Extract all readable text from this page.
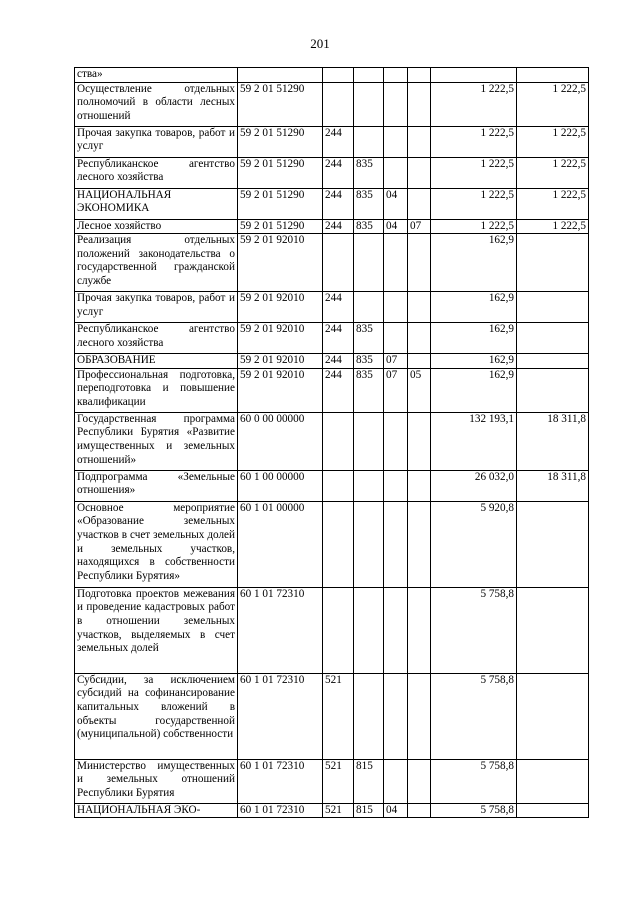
201
ства»							
Осуществление отдельных полномочий в области лесных отношений	59 2 01 51290					1 222,5	1 222,5
Прочая закупка товаров, работ и услуг	59 2 01 51290	244				1 222,5	1 222,5
Республиканское агентство лесного хозяйства	59 2 01 51290	244	835			1 222,5	1 222,5
НАЦИОНАЛЬНАЯ ЭКОНОМИКА	59 2 01 51290	244	835	04		1 222,5	1 222,5
Лесное хозяйство	59 2 01 51290	244	835	04	07	1 222,5	1 222,5
Реализация отдельных положений законодательства о государственной гражданской службе	59 2 01 92010					162,9	
Прочая закупка товаров, работ и услуг	59 2 01 92010	244				162,9	
Республиканское агентство лесного хозяйства	59 2 01 92010	244	835			162,9	
ОБРАЗОВАНИЕ	59 2 01 92010	244	835	07		162,9	
Профессиональная подготовка, переподготовка и повышение квалификации	59 2 01 92010	244	835	07	05	162,9	
Государственная программа Республики Бурятия «Развитие имущественных и земельных отношений»	60 0 00 00000					132 193,1	18 311,8
Подпрограмма «Земельные отношения»	60 1 00 00000					26 032,0	18 311,8
Основное мероприятие «Образование земельных участков в счет земельных долей и земельных участков, находящихся в собственности Республики Бурятия»	60 1 01 00000					5 920,8	
Подготовка проектов межевания и проведение кадастровых работ в отношении земельных участков, выделяемых в счет земельных долей	60 1 01 72310					5 758,8	
Субсидии, за исключением субсидий на софинансирование капитальных вложений в объекты государственной (муниципальной) собственности	60 1 01 72310	521				5 758,8	
Министерство имущественных и земельных отношений Республики Бурятия	60 1 01 72310	521	815			5 758,8	
НАЦИОНАЛЬНАЯ ЭКО-	60 1 01 72310	521	815	04		5 758,8	
